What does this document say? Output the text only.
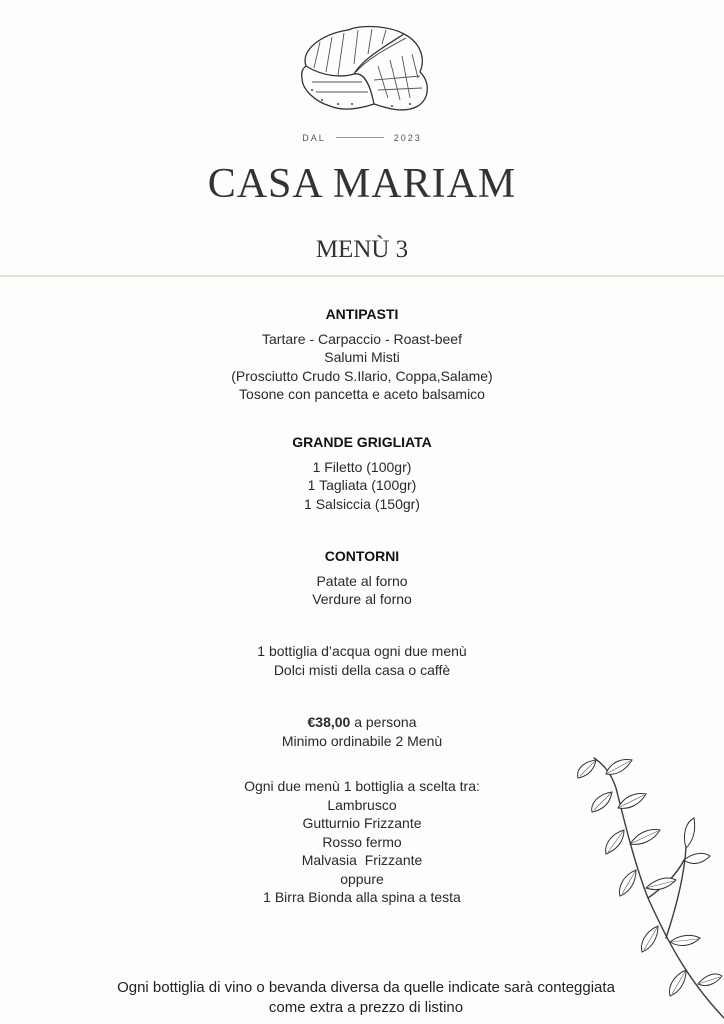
DAL	2023
CASA MARIAM
MENÙ 3
ANTIPASTI
Tartare - Carpaccio - Roast-beef
Salumi Misti
(Prosciutto Crudo S.Ilario, Coppa,Salame)
Tosone con pancetta e aceto balsamico
GRANDE GRIGLIATA
1 Filetto (100gr)
1 Tagliata (100gr)
1 Salsiccia (150gr)
CONTORNI
Patate al forno
Verdure al forno
1 bottiglia d’acqua ogni due menù
Dolci misti della casa o caffè
€38,00 a persona
Minimo ordinabile 2 Menù
Ogni due menù 1 bottiglia a scelta tra:
Lambrusco
Gutturnio Frizzante
Rosso fermo
Malvasia  Frizzante
oppure
1 Birra Bionda alla spina a testa
Ogni bottiglia di vino o bevanda diversa da quelle indicate sarà conteggiata
come extra a prezzo di listino
